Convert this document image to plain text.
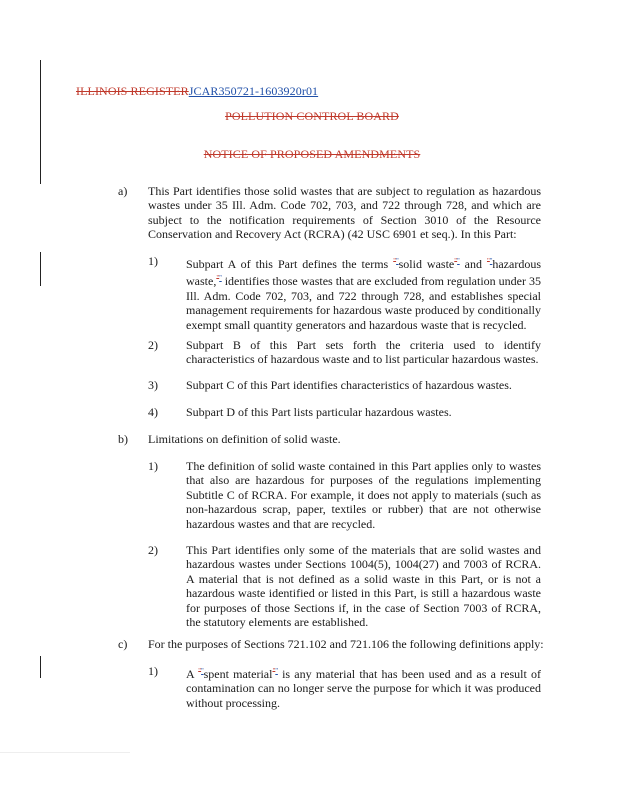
ILLINOIS REGISTERJCAR350721-1603920r01
POLLUTION CONTROL BOARD
NOTICE OF PROPOSED AMENDMENTS
a) This Part identifies those solid wastes that are subject to regulation as hazardous wastes under 35 Ill. Adm. Code 702, 703, and 722 through 728, and which are subject to the notification requirements of Section 3010 of the Resource Conservation and Recovery Act (RCRA) (42 USC 6901 et seq.). In this Part:
1) Subpart A of this Part defines the terms "''solid waste"'' and "''hazardous waste,"'' identifies those wastes that are excluded from regulation under 35 Ill. Adm. Code 702, 703, and 722 through 728, and establishes special management requirements for hazardous waste produced by conditionally exempt small quantity generators and hazardous waste that is recycled.
2) Subpart B of this Part sets forth the criteria used to identify characteristics of hazardous waste and to list particular hazardous wastes.
3) Subpart C of this Part identifies characteristics of hazardous wastes.
4) Subpart D of this Part lists particular hazardous wastes.
b) Limitations on definition of solid waste.
1) The definition of solid waste contained in this Part applies only to wastes that also are hazardous for purposes of the regulations implementing Subtitle C of RCRA. For example, it does not apply to materials (such as non-hazardous scrap, paper, textiles or rubber) that are not otherwise hazardous wastes and that are recycled.
2) This Part identifies only some of the materials that are solid wastes and hazardous wastes under Sections 1004(5), 1004(27) and 7003 of RCRA. A material that is not defined as a solid waste in this Part, or is not a hazardous waste identified or listed in this Part, is still a hazardous waste for purposes of those Sections if, in the case of Section 7003 of RCRA, the statutory elements are established.
c) For the purposes of Sections 721.102 and 721.106 the following definitions apply:
1) A "''spent material"'' is any material that has been used and as a result of contamination can no longer serve the purpose for which it was produced without processing.
